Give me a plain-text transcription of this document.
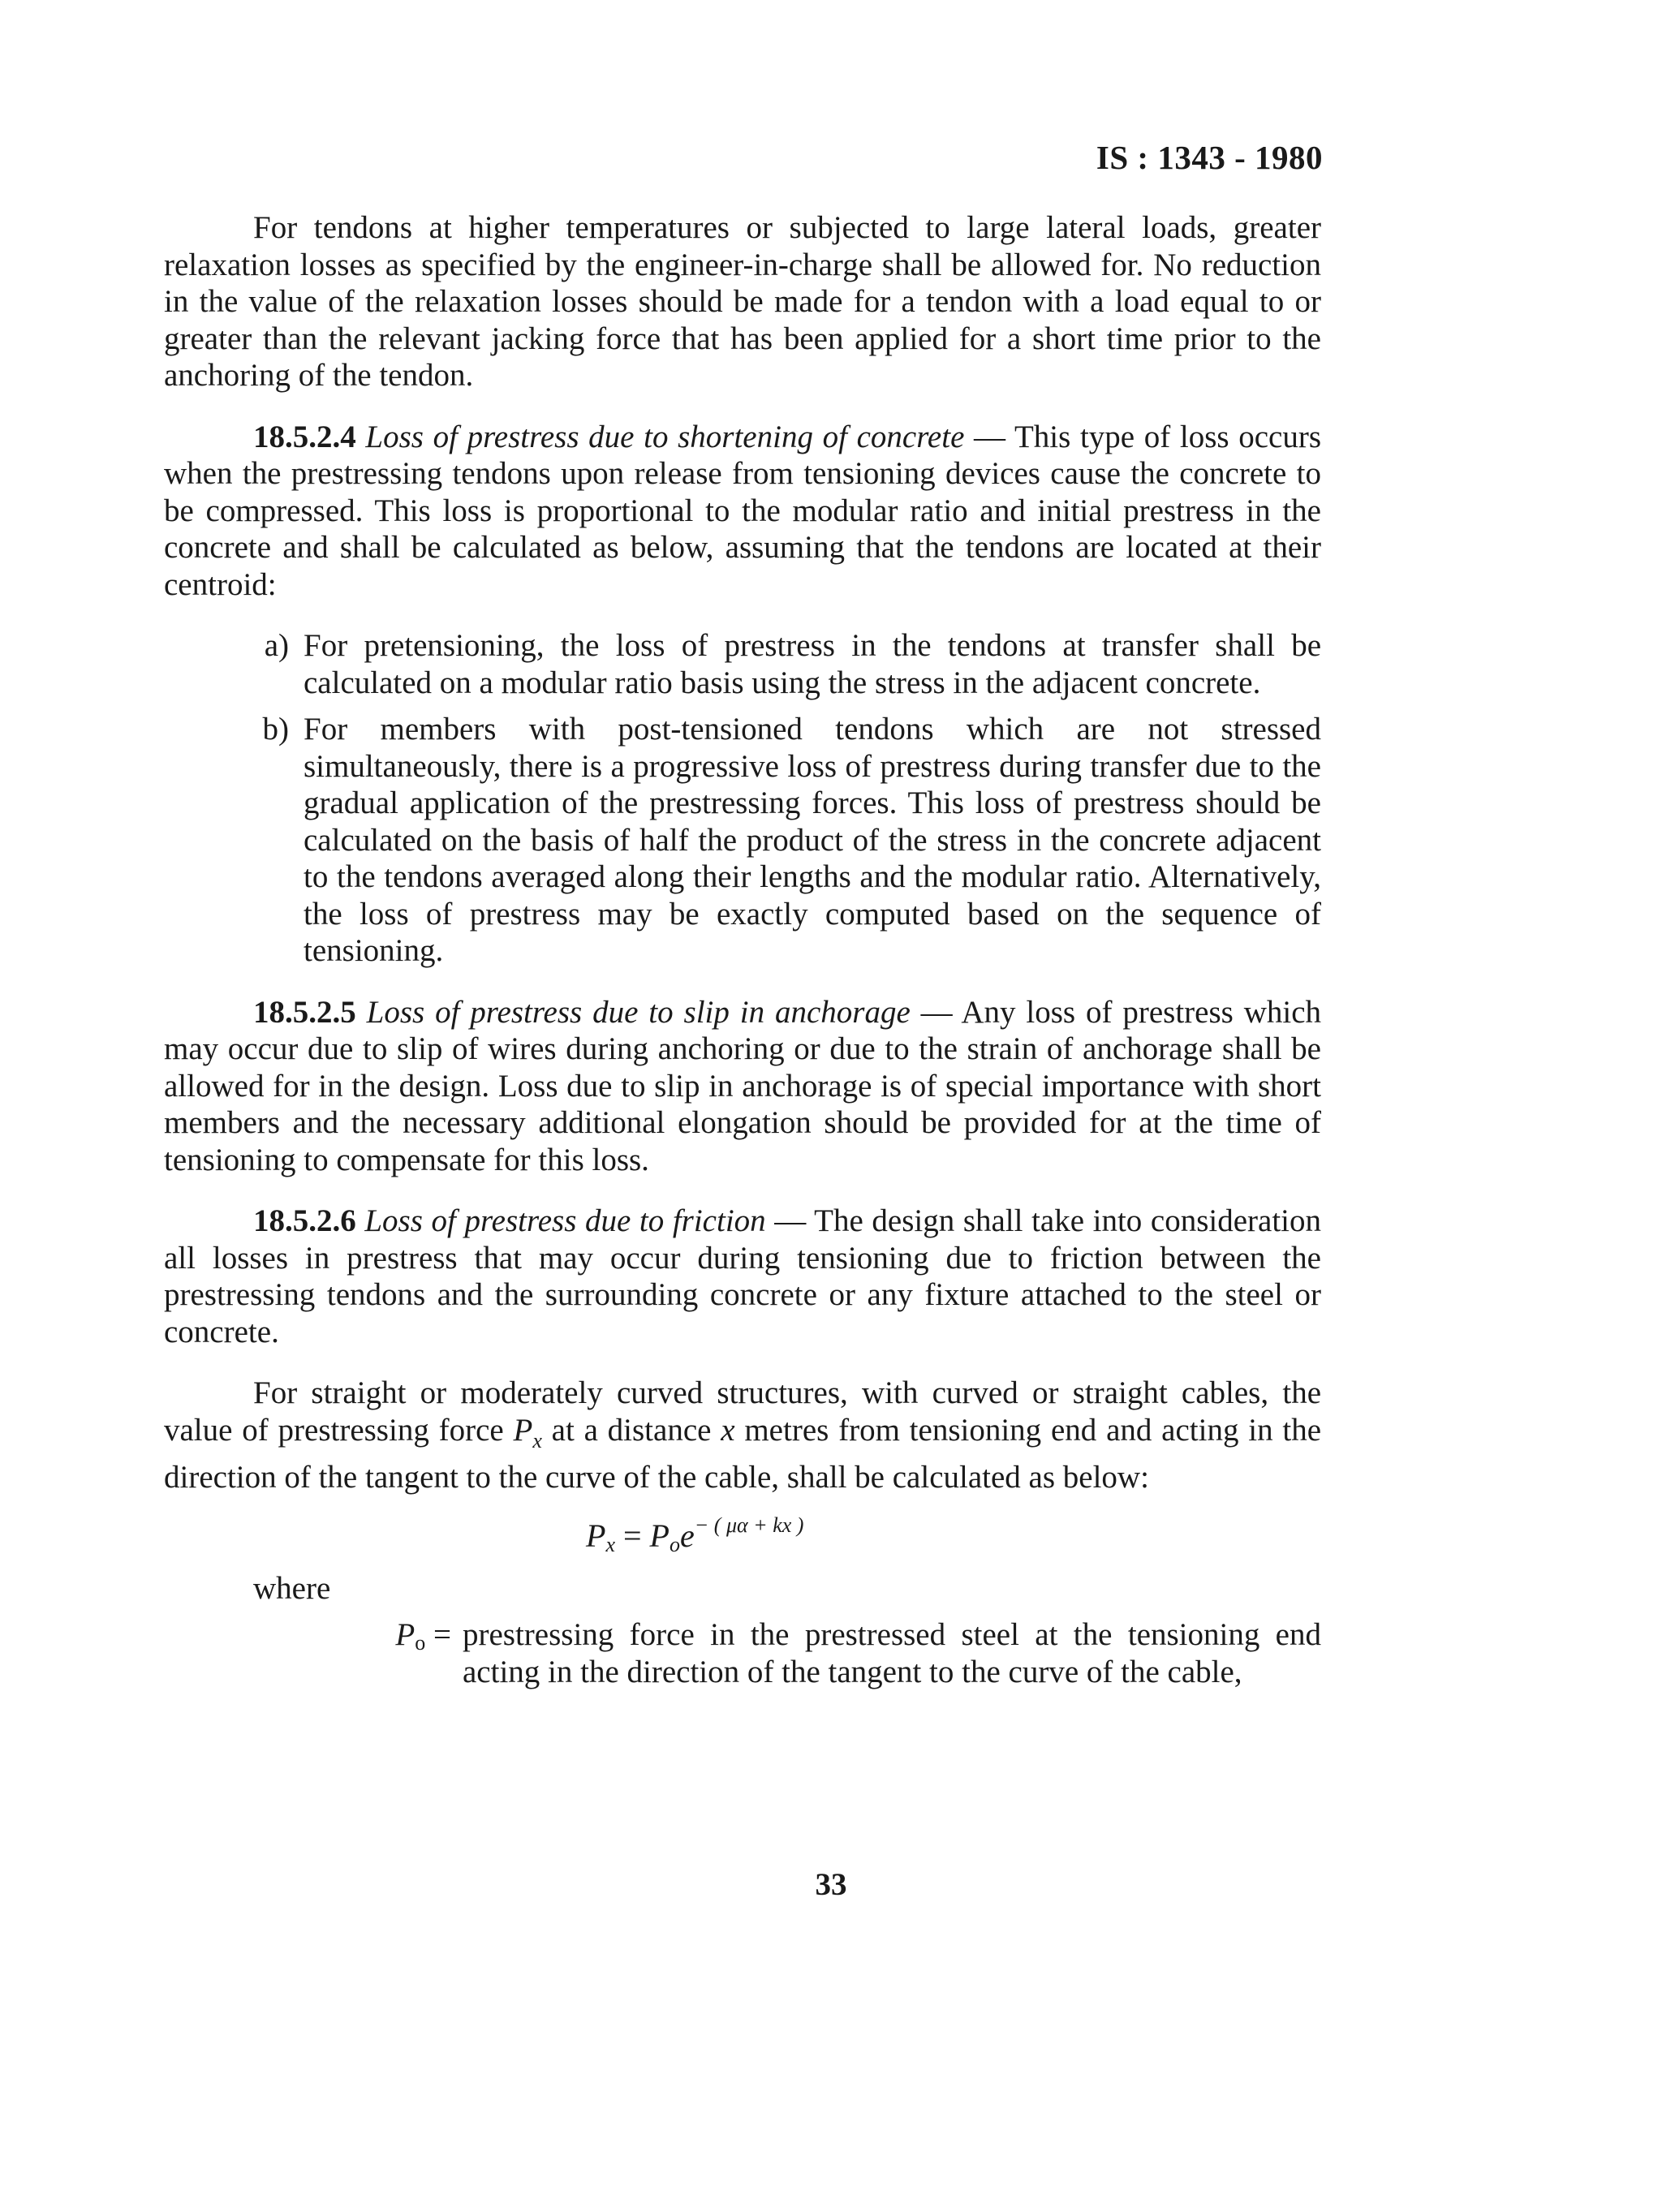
IS : 1343 - 1980

For tendons at higher temperatures or subjected to large lateral loads, greater relaxation losses as specified by the engineer-in-charge shall be allowed for. No reduction in the value of the relaxation losses should be made for a tendon with a load equal to or greater than the relevant jacking force that has been applied for a short time prior to the anchoring of the tendon.

18.5.2.4 Loss of prestress due to shortening of concrete — This type of loss occurs when the prestressing tendons upon release from tensioning devices cause the concrete to be compressed. This loss is proportional to the modular ratio and initial prestress in the concrete and shall be calculated as below, assuming that the tendons are located at their centroid:

a) For pretensioning, the loss of prestress in the tendons at transfer shall be calculated on a modular ratio basis using the stress in the adjacent concrete.
b) For members with post-tensioned tendons which are not stressed simultaneously, there is a progressive loss of prestress during transfer due to the gradual application of the prestressing forces. This loss of prestress should be calculated on the basis of half the product of the stress in the concrete adjacent to the tendons averaged along their lengths and the modular ratio. Alternatively, the loss of prestress may be exactly computed based on the sequence of tensioning.

18.5.2.5 Loss of prestress due to slip in anchorage — Any loss of prestress which may occur due to slip of wires during anchoring or due to the strain of anchorage shall be allowed for in the design. Loss due to slip in anchorage is of special importance with short members and the necessary additional elongation should be provided for at the time of tensioning to compensate for this loss.

18.5.2.6 Loss of prestress due to friction — The design shall take into consideration all losses in prestress that may occur during tensioning due to friction between the prestressing tendons and the surrounding concrete or any fixture attached to the steel or concrete.

For straight or moderately curved structures, with curved or straight cables, the value of prestressing force $P_x$ at a distance x metres from tensioning end and acting in the direction of the tangent to the curve of the cable, shall be calculated as below:

$P_x = P_oe^{- ( \mu\alpha + kx )}$
where
$P_o$ = prestressing force in the prestressed steel at the tensioning end acting in the direction of the tangent to the curve of the cable,
33
